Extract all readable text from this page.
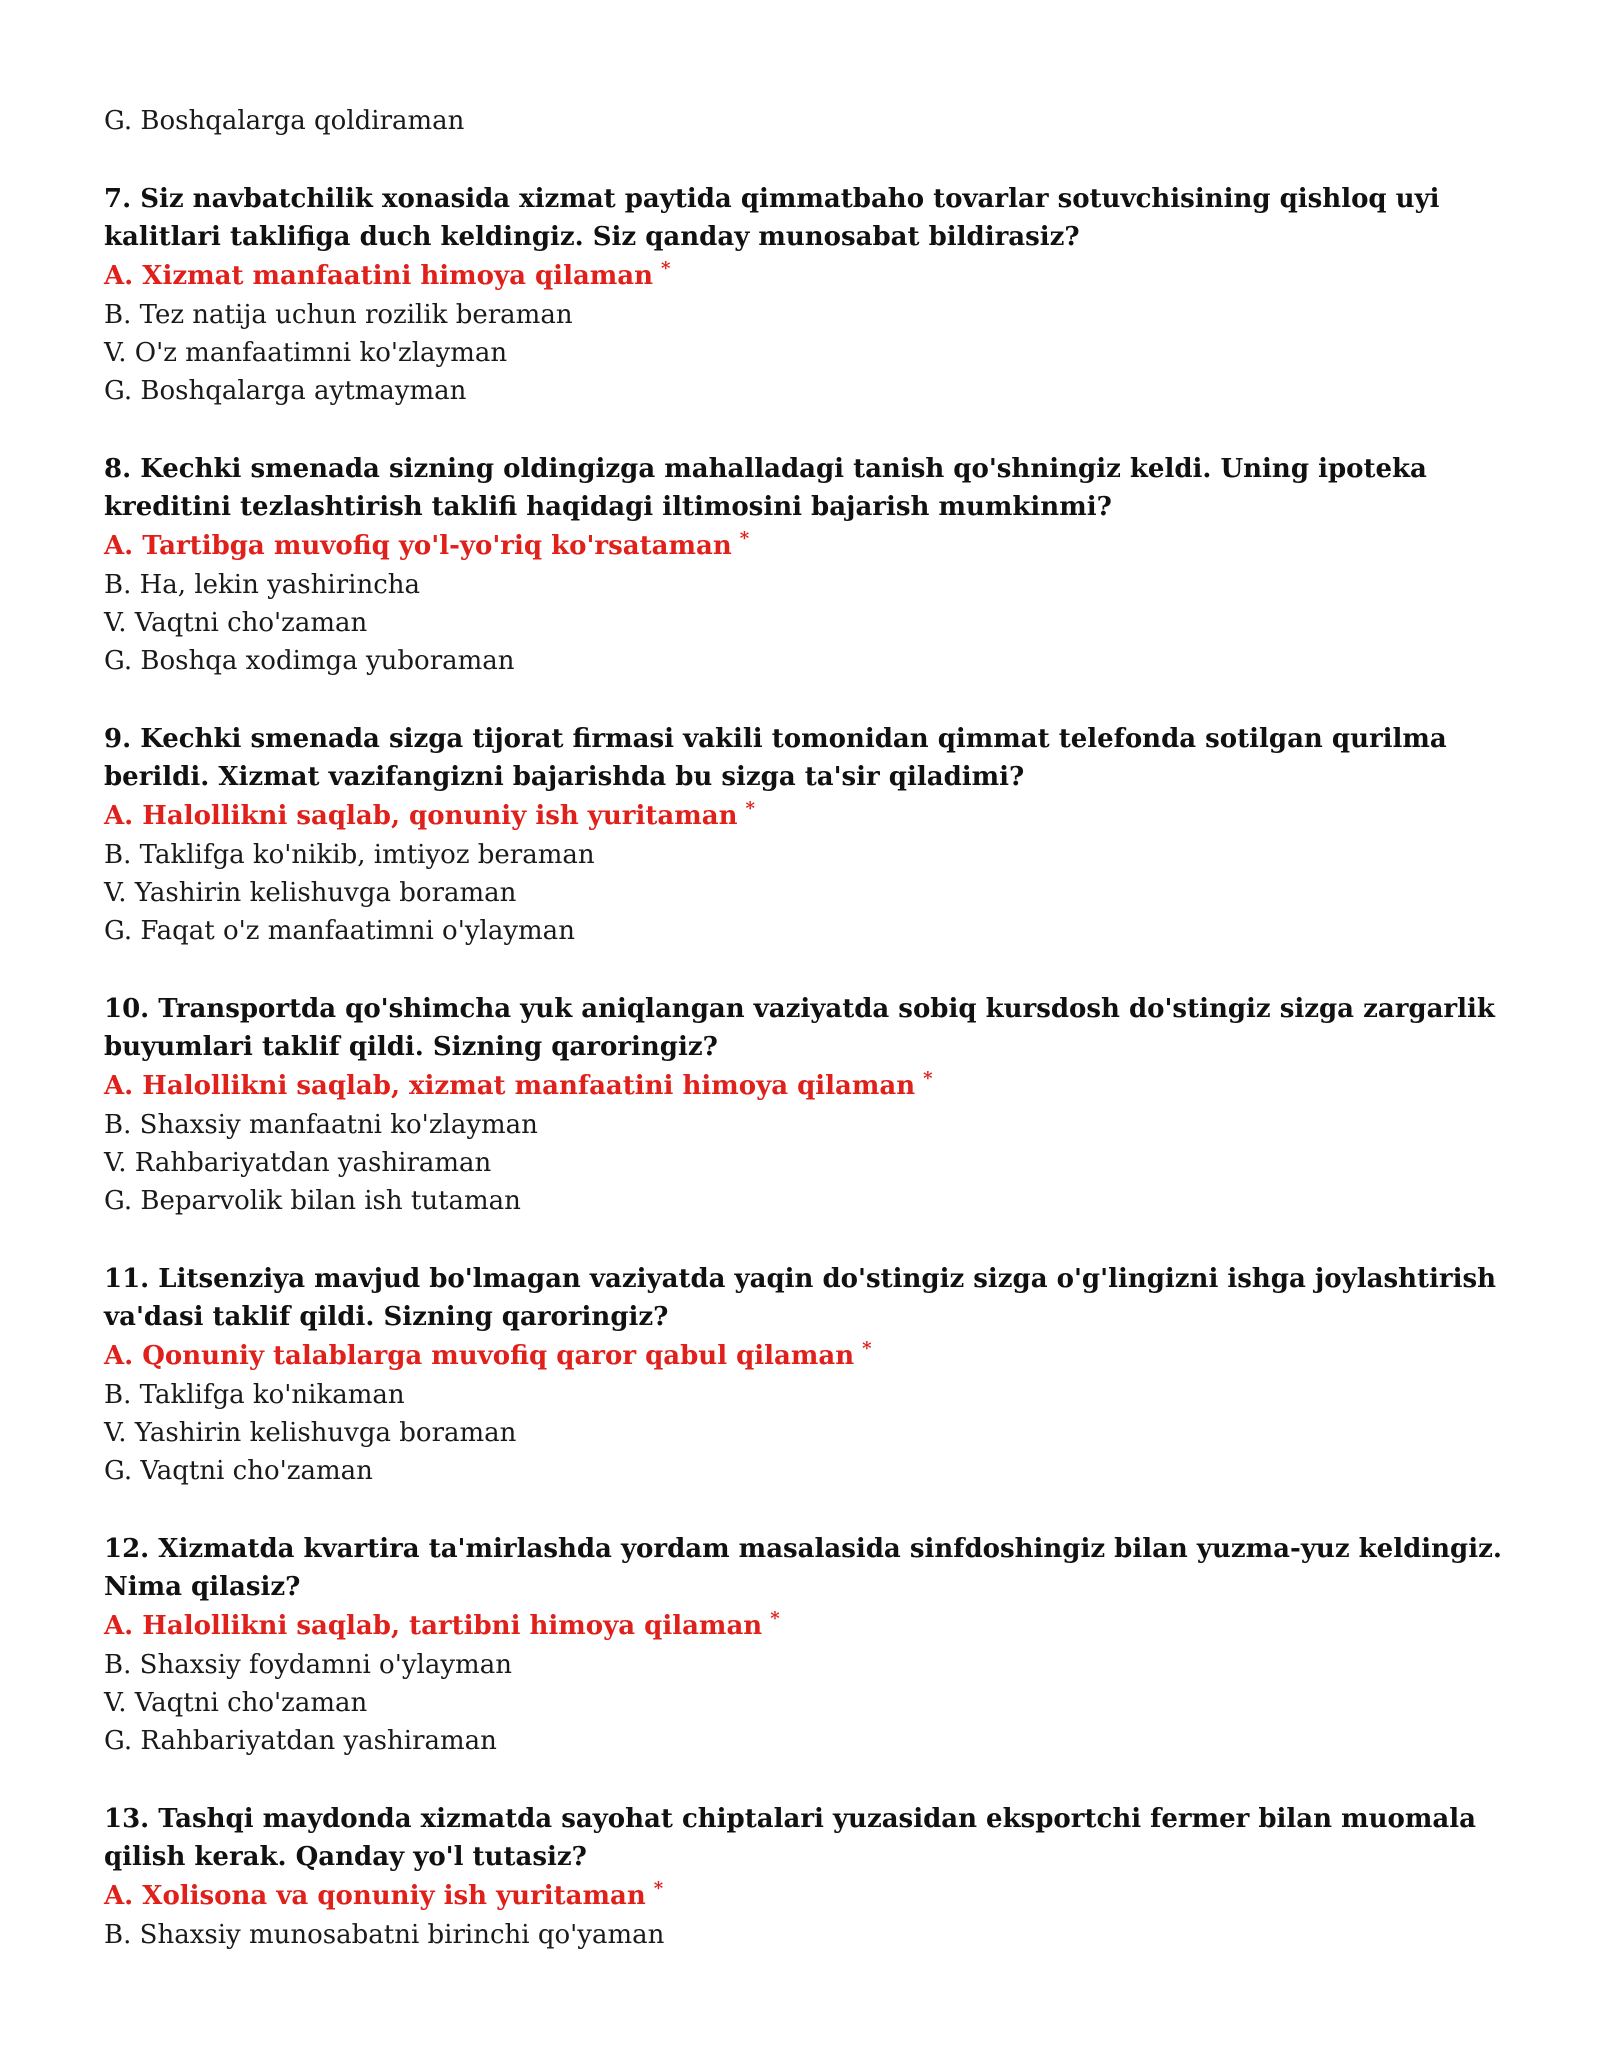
G. Boshqalarga qoldiraman
7. Siz navbatchilik xonasida xizmat paytida qimmatbaho tovarlar sotuvchisining qishloq uyi kalitlari taklifiga duch keldingiz. Siz qanday munosabat bildirasiz?
A. Xizmat manfaatini himoya qilaman *
B. Tez natija uchun rozilik beraman
V. O'z manfaatimni ko'zlayman
G. Boshqalarga aytmayman
8. Kechki smenada sizning oldingizga mahalladagi tanish qo'shningiz keldi. Uning ipoteka kreditini tezlashtirish taklifi haqidagi iltimosini bajarish mumkinmi?
A. Tartibga muvofiq yo'l-yo'riq ko'rsataman *
B. Ha, lekin yashirincha
V. Vaqtni cho'zaman
G. Boshqa xodimga yuboraman
9. Kechki smenada sizga tijorat firmasi vakili tomonidan qimmat telefonda sotilgan qurilma berildi. Xizmat vazifangizni bajarishda bu sizga ta'sir qiladimi?
A. Halollikni saqlab, qonuniy ish yuritaman *
B. Taklifga ko'nikib, imtiyoz beraman
V. Yashirin kelishuvga boraman
G. Faqat o'z manfaatimni o'ylayman
10. Transportda qo'shimcha yuk aniqlangan vaziyatda sobiq kursdosh do'stingiz sizga zargarlik buyumlari taklif qildi. Sizning qaroringiz?
A. Halollikni saqlab, xizmat manfaatini himoya qilaman *
B. Shaxsiy manfaatni ko'zlayman
V. Rahbariyatdan yashiraman
G. Beparvolik bilan ish tutaman
11. Litsenziya mavjud bo'lmagan vaziyatda yaqin do'stingiz sizga o'g'lingizni ishga joylashtirish va'dasi taklif qildi. Sizning qaroringiz?
A. Qonuniy talablarga muvofiq qaror qabul qilaman *
B. Taklifga ko'nikaman
V. Yashirin kelishuvga boraman
G. Vaqtni cho'zaman
12. Xizmatda kvartira ta'mirlashda yordam masalasida sinfdoshingiz bilan yuzma-yuz keldingiz. Nima qilasiz?
A. Halollikni saqlab, tartibni himoya qilaman *
B. Shaxsiy foydamni o'ylayman
V. Vaqtni cho'zaman
G. Rahbariyatdan yashiraman
13. Tashqi maydonda xizmatda sayohat chiptalari yuzasidan eksportchi fermer bilan muomala qilish kerak. Qanday yo'l tutasiz?
A. Xolisona va qonuniy ish yuritaman *
B. Shaxsiy munosabatni birinchi qo'yaman
